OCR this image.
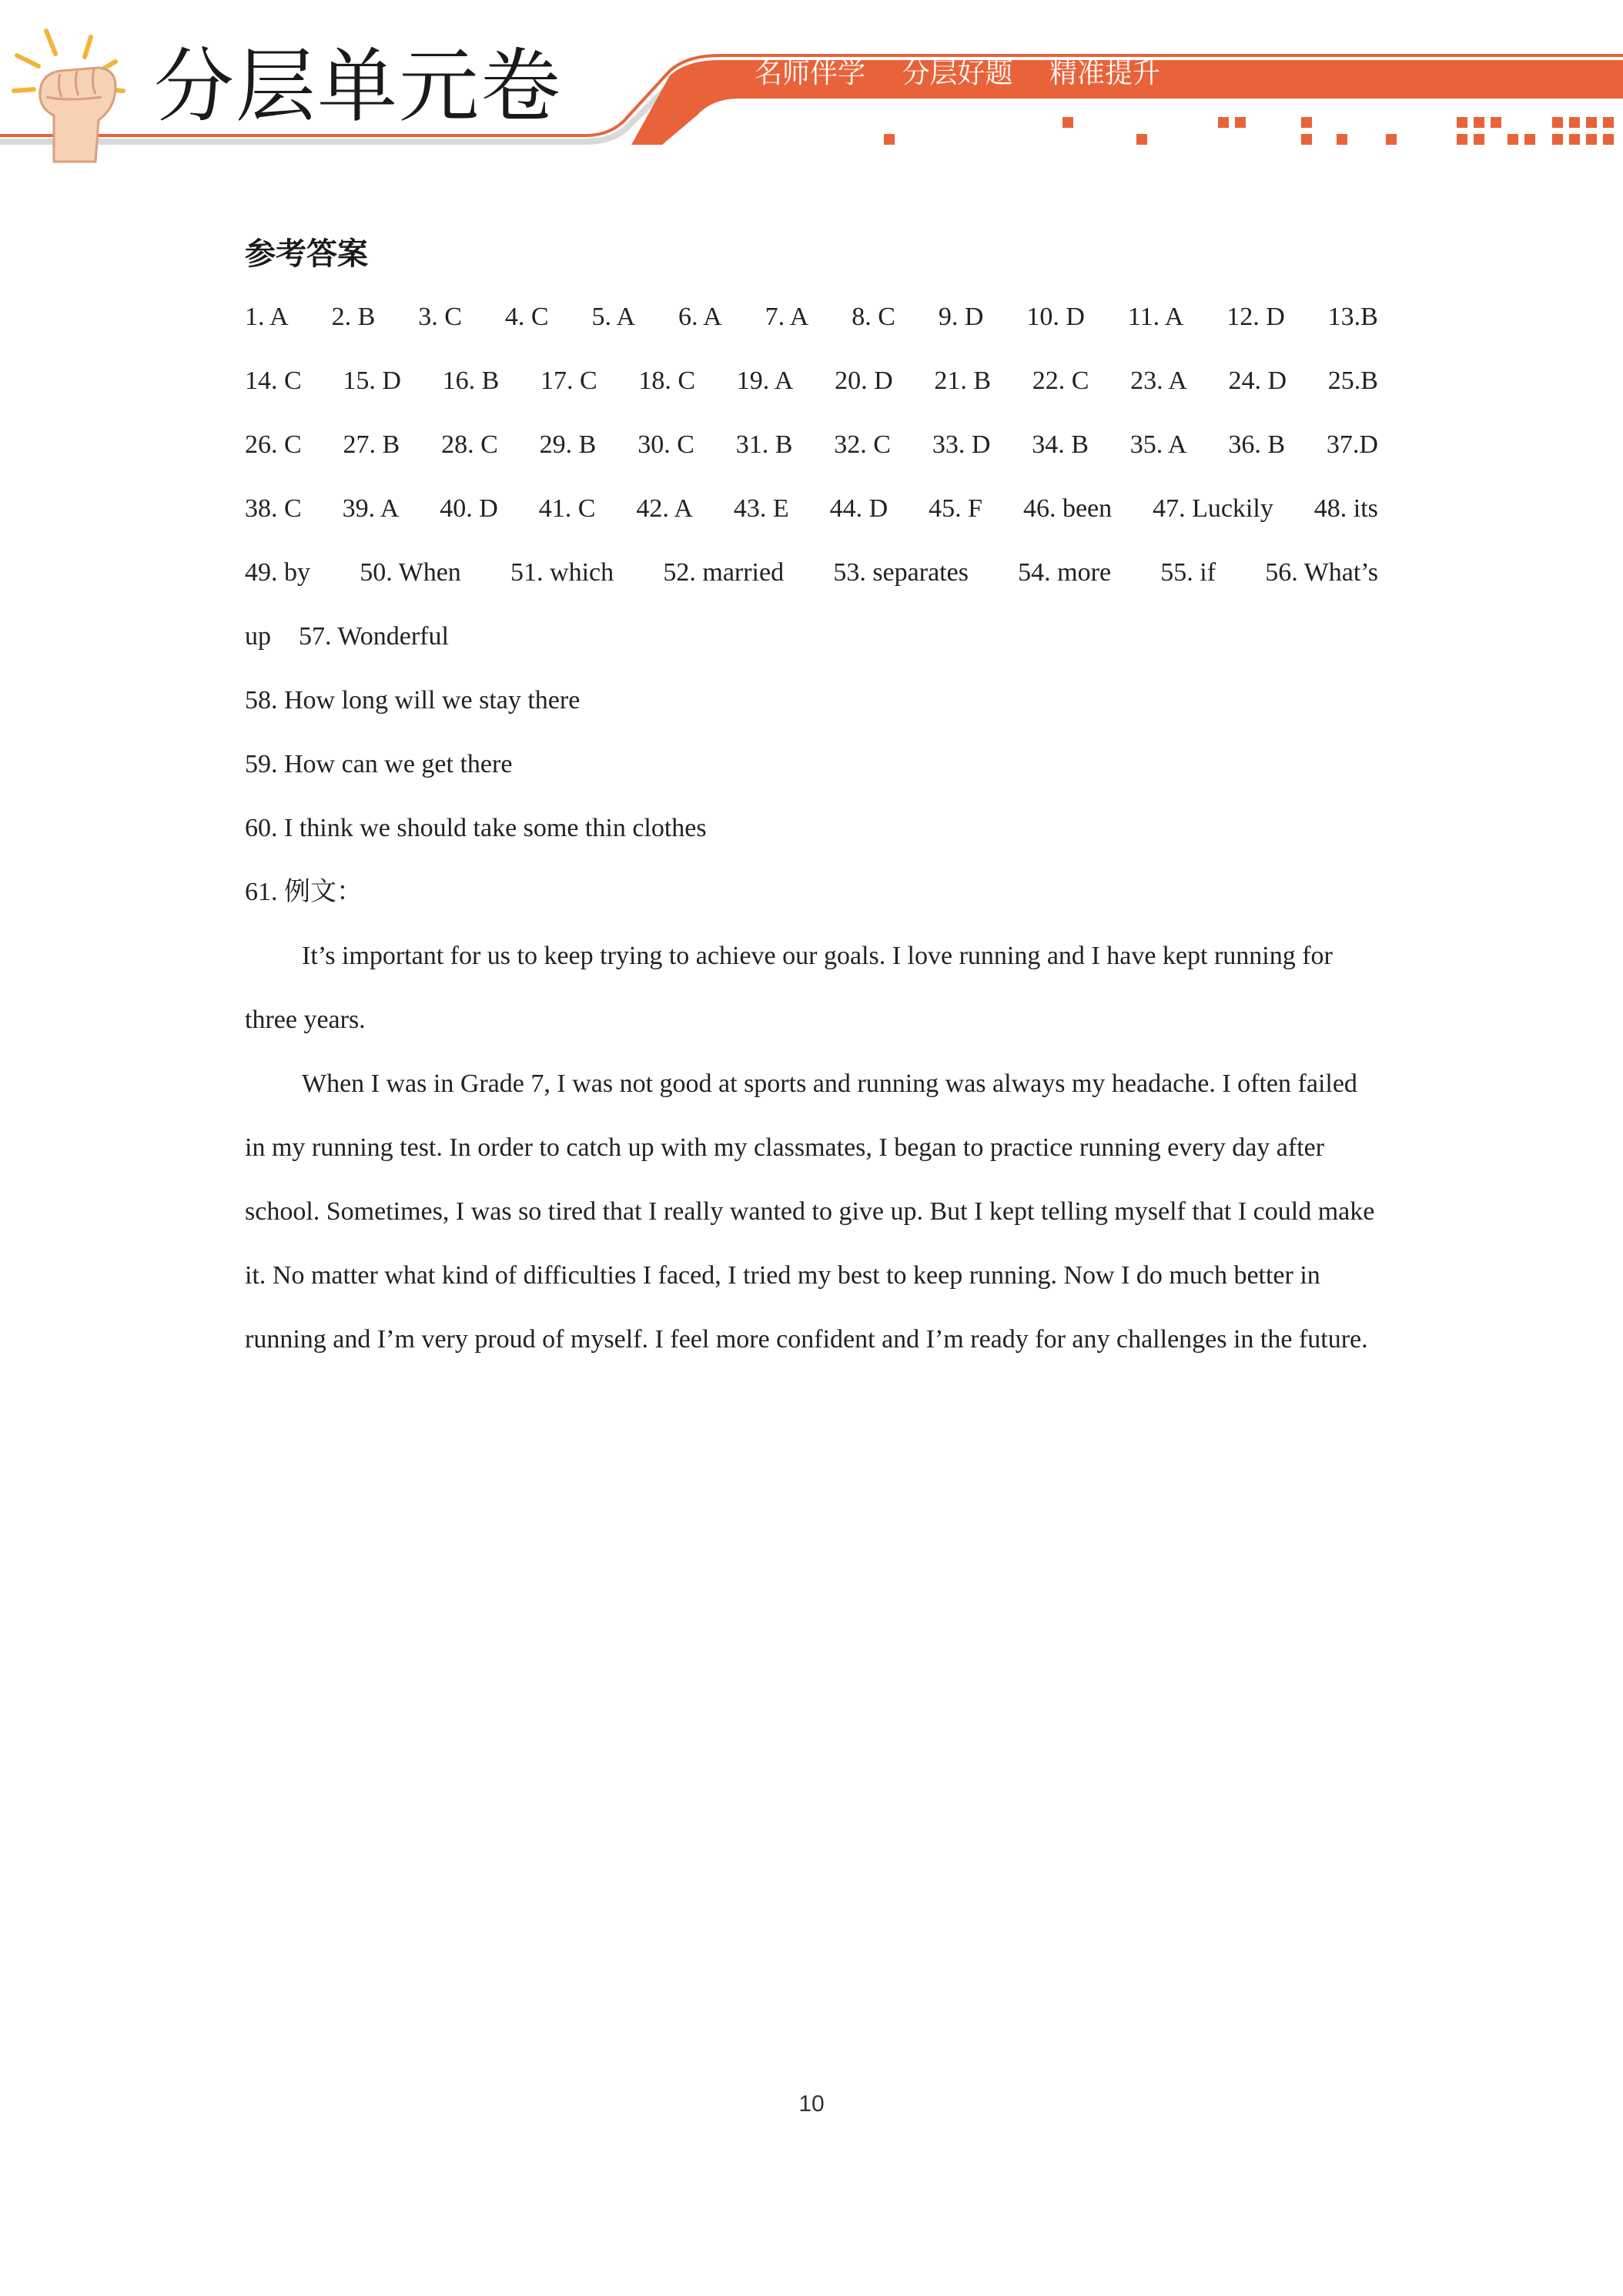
分层单元卷	名师伴学 分层好题 精准提升
参考答案
1. A 2. B 3. C 4. C 5. A 6. A 7. A 8. C 9. D 10. D 11. A 12. D 13.B
14. C 15. D 16. B 17. C 18. C 19. A 20. D 21. B 22. C 23. A 24. D 25.B
26. C 27. B 28. C 29. B 30. C 31. B 32. C 33. D 34. B 35. A 36. B 37.D
38. C 39. A 40. D 41. C 42. A 43. E 44. D 45. F 46. been 47. Luckily 48. its
49. by 50. When 51. which 52. married 53. separates 54. more 55. if 56. What’s
up 57. Wonderful
58. How long will we stay there
59. How can we get there
60. I think we should take some thin clothes
61. 例文：

It’s important for us to keep trying to achieve our goals. I love running and I have kept running for three years.

When I was in Grade 7, I was not good at sports and running was always my headache. I often failed in my running test. In order to catch up with my classmates, I began to practice running every day after school. Sometimes, I was so tired that I really wanted to give up. But I kept telling myself that I could make it. No matter what kind of difficulties I faced, I tried my best to keep running. Now I do much better in running and I’m very proud of myself. I feel more confident and I’m ready for any challenges in the future.

10
